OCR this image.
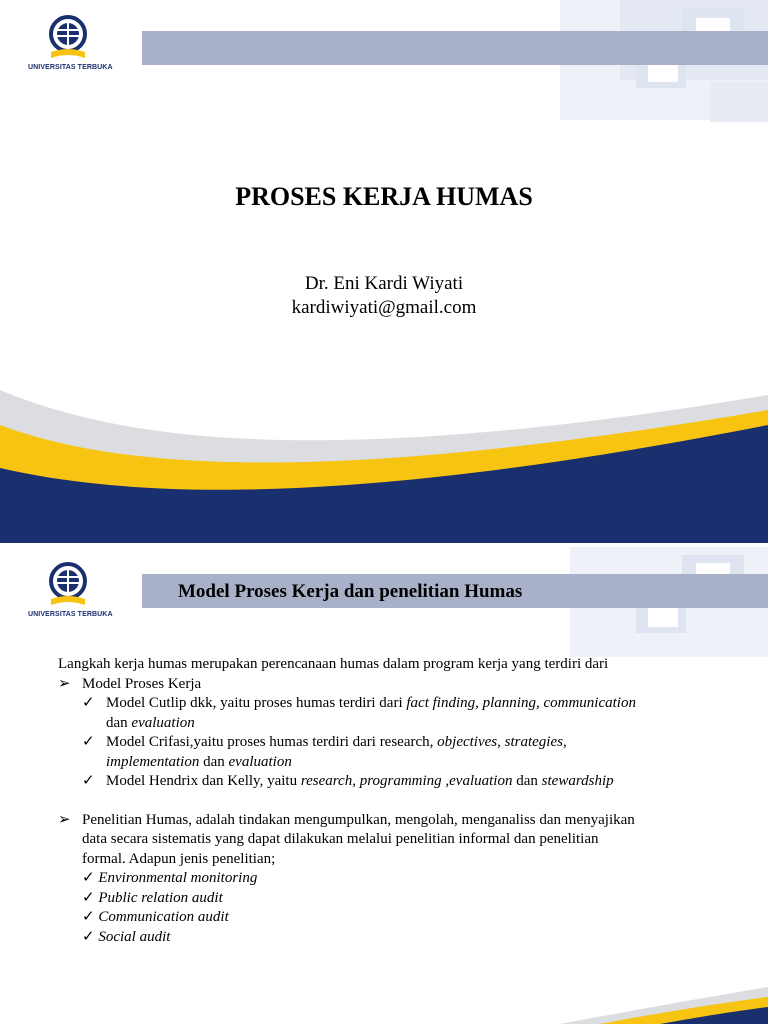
UNIVERSITAS TERBUKA
PROSES KERJA HUMAS
Dr. Eni Kardi Wiyati
kardiwiyati@gmail.com
UNIVERSITAS TERBUKA
Model Proses Kerja dan penelitian Humas

Langkah kerja humas merupakan perencanaan humas dalam program kerja yang terdiri dari

➢ Model Proses Kerja

✓ Model Cutlip dkk, yaitu proses humas terdiri dari fact finding, planning, communication

dan evaluation

✓ Model Crifasi,yaitu proses humas terdiri dari research, objectives, strategies,

implementation dan evaluation

✓ Model Hendrix dan Kelly, yaitu research, programming ,evaluation dan stewardship

➢ Penelitian Humas, adalah tindakan mengumpulkan, mengolah, menganaliss dan menyajikan

data secara sistematis yang dapat dilakukan melalui penelitian informal dan penelitian

formal. Adapun jenis penelitian;

✓ Environmental monitoring

✓ Public relation audit

✓ Communication audit

✓ Social audit
